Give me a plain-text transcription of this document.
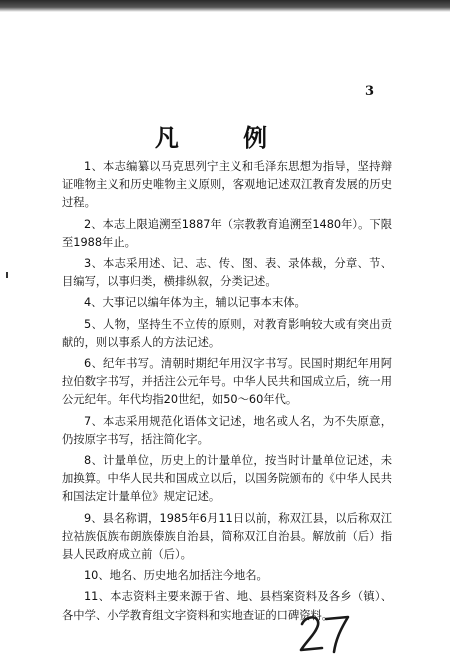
3
凡 例

1、本志编纂以马克思列宁主义和毛泽东思想为指导，坚持辩证唯物主义和历史唯物主义原则，客观地记述双江教育发展的历史过程。

2、本志上限追溯至1887年（宗教教育追溯至1480年）。下限至1988年止。

3、本志采用述、记、志、传、图、表、录体裁，分章、节、目编写，以事归类，横排纵叙，分类记述。

4、大事记以编年体为主，辅以记事本末体。

5、人物，坚持生不立传的原则，对教育影响较大或有突出贡献的，则以事系人的方法记述。

6、纪年书写。清朝时期纪年用汉字书写。民国时期纪年用阿拉伯数字书写，并括注公元年号。中华人民共和国成立后，统一用公元纪年。年代均指20世纪，如50～60年代。

7、本志采用规范化语体文记述，地名或人名，为不失原意，仍按原字书写，括注简化字。

8、计量单位，历史上的计量单位，按当时计量单位记述，未加换算。中华人民共和国成立以后，以国务院颁布的《中华人民共和国法定计量单位》规定记述。

9、县名称谓，1985年6月11日以前，称双江县，以后称双江拉祜族佤族布朗族傣族自治县，简称双江自治县。解放前（后）指县人民政府成立前（后）。

10、地名、历史地名加括注今地名。

11、本志资料主要来源于省、地、县档案资料及各乡（镇）、各中学、小学教育组文字资料和实地查证的口碑资料。
